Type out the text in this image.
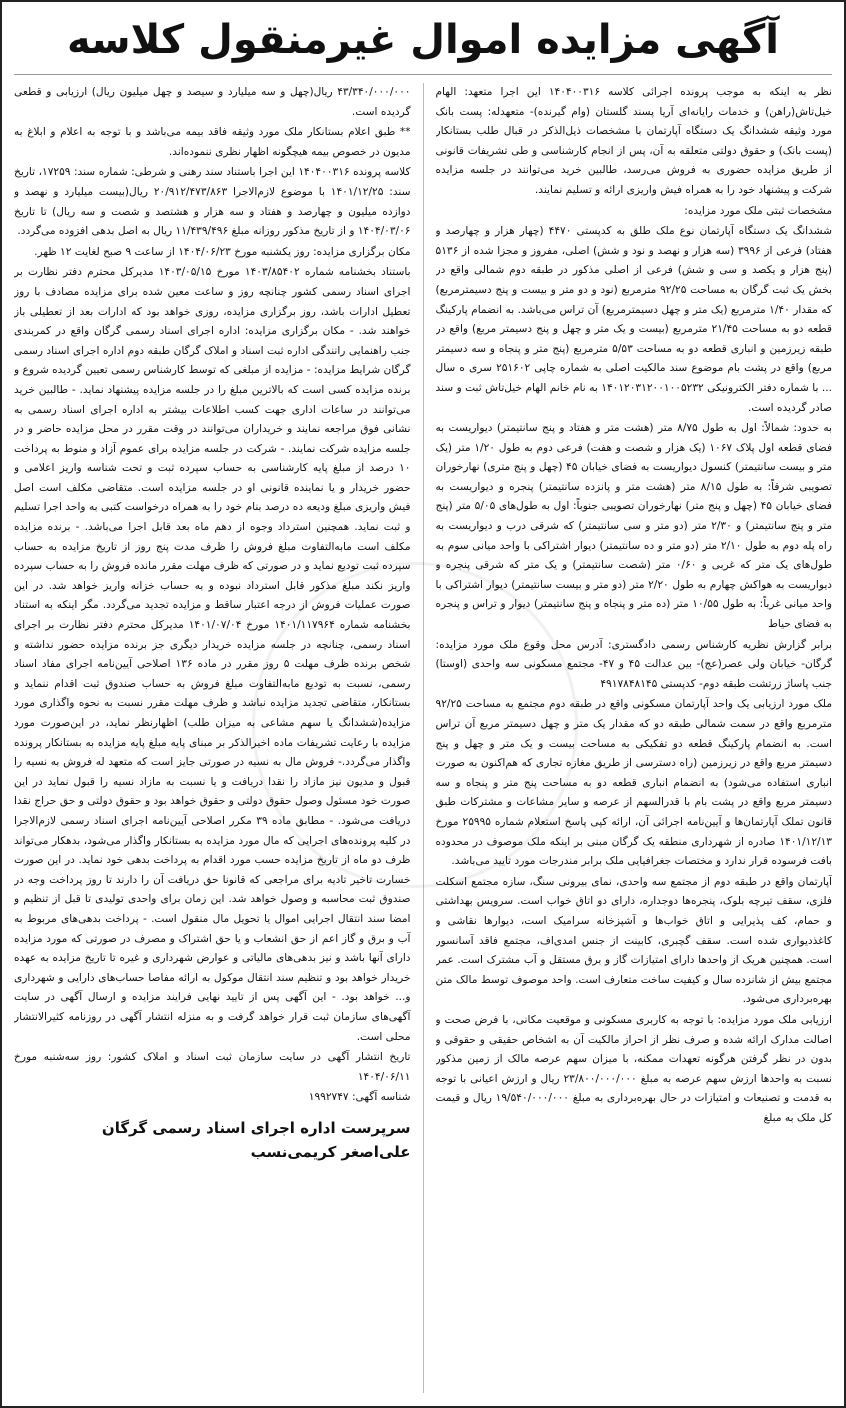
آگهی مزایده اموال غیرمنقول کلاسه

نظر به اینکه به موجب پرونده اجرائی کلاسه ۱۴۰۴۰۰۳۱۶ این اجرا متعهد: الهام خیل‌تاش(راهن) و خدمات رایانه‌ای آریا پسند گلستان (وام گیرنده)- متعهدله: پست بانک مورد وثیقه ششدانگ یک دستگاه آپارتمان با مشخصات ذیل‌الذکر در قبال طلب بستانکار (پست بانک) و حقوق دولتی متعلقه به آن، پس از انجام کارشناسی و طی تشریفات قانونی از طریق مزایده حضوری به فروش می‌رسد، طالبین خرید می‌توانند در جلسه مزایده شرکت و پیشنهاد خود را به همراه فیش واریزی ارائه و تسلیم نمایند.

مشخصات ثبتی ملک مورد مزایده:

ششدانگ یک دستگاه آپارتمان نوع ملک طلق به کدپستی ۴۴۷۰ (چهار هزار و چهارصد و هفتاد) فرعی از ۳۹۹۶ (سه هزار و نهصد و نود و شش) اصلی، مفروز و مجزا شده از ۵۱۳۶ (پنج هزار و یکصد و سی و شش) فرعی از اصلی مذکور در طبقه دوم شمالی واقع در بخش یک ثبت گرگان به مساحت ۹۲/۲۵ مترمربع (نود و دو متر و بیست و پنج دسیمترمربع) که مقدار ۱/۴۰ مترمربع (یک متر و چهل دسیمترمربع) آن تراس می‌باشد. به انضمام پارکینگ قطعه دو به مساحت ۲۱/۴۵ مترمربع (بیست و یک متر و چهل و پنج دسیمتر مربع) واقع در طبقه زیرزمین و انباری قطعه دو به مساحت ۵/۵۳ مترمربع (پنج متر و پنجاه و سه دسیمتر مربع) واقع در پشت بام موضوع سند مالکیت اصلی به شماره چاپی ۲۵۱۶۰۲ سری ه سال ... با شماره دفتر الکترونیکی ۱۴۰۱۲۰۳۱۲۰۰۱۰۰۵۲۳۲ به نام خانم الهام خیل‌تاش ثبت و سند صادر گردیده است.

به حدود: شمالاً: اول به طول ۸/۷۵ متر (هشت متر و هفتاد و پنج سانتیمتر) دیواریست به فضای قطعه اول پلاک ۱۰۶۷ (یک هزار و شصت و هفت) فرعی دوم به طول ۱/۲۰ متر (یک متر و بیست سانتیمتر) کنسول دیواریست به فضای خیابان ۴۵ (چهل و پنج متری) نهارخوران تصویبی شرقاً: به طول ۸/۱۵ متر (هشت متر و پانزده سانتیمتر) پنجره و دیواریست به فضای خیابان ۴۵ (چهل و پنج متر) نهارخوران تصویبی جنوباً: اول به طول‌های ۵/۰۵ متر (پنج متر و پنج سانتیمتر) و ۲/۳۰ متر (دو متر و سی سانتیمتر) که شرقی درب و دیواریست به راه پله دوم به طول ۲/۱۰ متر (دو متر و ده سانتیمتر) دیوار اشتراکی با واحد میانی سوم به طول‌های یک متر که غربی و ۰/۶۰ متر (شصت سانتیمتر) و یک متر که شرقی پنجره و دیواریست به هواکش چهارم به طول ۲/۲۰ متر (دو متر و بیست سانتیمتر) دیوار اشتراکی با واحد میانی غرباً: به طول ۱۰/۵۵ متر (ده متر و پنجاه و پنج سانتیمتر) دیوار و تراس و پنجره به فضای حیاط

برابر گزارش نظریه کارشناس رسمی دادگستری: آدرس محل وقوع ملک مورد مزایده: گرگان- خیابان ولی عصر(عج)- بین عدالت ۴۵ و ۴۷- مجتمع مسکونی سه واحدی (اوستا) جنب پاساژ زرتشت طبقه دوم- کدپستی ۴۹۱۷۸۴۸۱۴۵

ملک مورد ارزیابی یک واحد آپارتمان مسکونی واقع در طبقه دوم مجتمع به مساحت ۹۲/۲۵ مترمربع واقع در سمت شمالی طبقه دو که مقدار یک متر و چهل دسیمتر مربع آن تراس است. به انضمام پارکینگ قطعه دو تفکیکی به مساحت بیست و یک متر و چهل و پنج دسیمتر مربع واقع در زیرزمین (راه دسترسی از طریق مغازه تجاری که هم‌اکنون به صورت انباری استفاده می‌شود) به انضمام انباری قطعه دو به مساحت پنج متر و پنجاه و سه دسیمتر مربع واقع در پشت بام با قدرالسهم از عرصه و سایر مشاعات و مشترکات طبق قانون تملک آپارتمان‌ها و آیین‌نامه اجرائی آن، ارائه کپی پاسخ استعلام شماره ۲۵۹۹۵ مورخ ۱۴۰۱/۱۲/۱۳ صادره از شهرداری منطقه یک گرگان مبنی بر اینکه ملک موصوف در محدوده بافت فرسوده قرار ندارد و مختصات جغرافیایی ملک برابر مندرجات مورد تایید می‌باشد.

آپارتمان واقع در طبقه دوم از مجتمع سه واحدی، نمای بیرونی سنگ، سازه مجتمع اسکلت فلزی، سقف تیرچه بلوک، پنجره‌ها دوجداره، دارای دو اتاق خواب است. سرویس بهداشتی و حمام، کف پذیرایی و اتاق خواب‌ها و آشپزخانه سرامیک است، دیوارها نقاشی و کاغذدیواری شده است. سقف گچبری، کابینت از جنس امدی‌اف، مجتمع فاقد آسانسور است. همچنین هریک از واحدها دارای امتیازات گاز و برق مستقل و آب مشترک است. عمر مجتمع بیش از شانزده سال و کیفیت ساخت متعارف است. واحد موصوف توسط مالک متن بهره‌برداری می‌شود.

ارزیابی ملک مورد مزایده: با توجه به کاربری مسکونی و موقعیت مکانی، با فرض صحت و اصالت مدارک ارائه شده و صرف نظر از احراز مالکیت آن به اشخاص حقیقی و حقوقی و بدون در نظر گرفتن هرگونه تعهدات ممکنه، با میزان سهم عرصه مالک از زمین مذکور نسبت به واحدها ارزش سهم عرصه به مبلغ ۲۳/۸۰۰/۰۰۰/۰۰۰ ریال و ارزش اعیانی با توجه به قدمت و تصنیعات و امتیازات در حال بهره‌برداری به مبلغ ۱۹/۵۴۰/۰۰۰/۰۰۰ ریال و قیمت کل ملک به مبلغ

۴۳/۳۴۰/۰۰۰/۰۰۰ ریال(چهل و سه میلیارد و سیصد و چهل میلیون ریال) ارزیابی و قطعی گردیده است.

** طبق اعلام بستانکار ملک مورد وثیقه فاقد بیمه می‌باشد و با توجه به اعلام و ابلاغ به مدیون در خصوص بیمه هیچگونه اظهار نظری ننموده‌اند.

کلاسه پرونده ۱۴۰۴۰۰۳۱۶ این اجرا باستناد سند رهنی و شرطی: شماره سند: ۱۷۲۵۹، تاریخ سند: ۱۴۰۱/۱۲/۲۵ با موضوع لازم‌الاجرا ۲۰/۹۱۲/۴۷۳/۸۶۳ ریال(بیست میلیارد و نهصد و دوازده میلیون و چهارصد و هفتاد و سه هزار و هشتصد و شصت و سه ریال) تا تاریخ ۱۴۰۴/۰۳/۰۶ و از تاریخ مذکور روزانه مبلغ ۱۱/۴۳۹/۴۹۶ ریال به اصل بدهی افزوده می‌گردد.

مکان برگزاری مزایده: روز یکشنبه مورخ ۱۴۰۴/۰۶/۲۳ از ساعت ۹ صبح لغایت ۱۲ ظهر.

باستناد بخشنامه شماره ۱۴۰۳/۸۵۴۰۲ مورخ ۱۴۰۳/۰۵/۱۵ مدیرکل محترم دفتر نظارت بر اجرای اسناد رسمی کشور چنانچه روز و ساعت معین شده برای مزایده مصادف با روز تعطیل ادارات باشد، روز برگزاری مزایده، روزی خواهد بود که ادارات بعد از تعطیلی باز خواهند شد. - مکان برگزاری مزایده: اداره اجرای اسناد رسمی گرگان واقع در کمربندی جنب راهنمایی رانندگی اداره ثبت اسناد و املاک گرگان طبقه دوم اداره اجرای اسناد رسمی گرگان شرایط مزایده: - مزایده از مبلغی که توسط کارشناس رسمی تعیین گردیده شروع و برنده مزایده کسی است که بالاترین مبلغ را در جلسه مزایده پیشنهاد نماید. - طالبین خرید می‌توانند در ساعات اداری جهت کسب اطلاعات بیشتر به اداره اجرای اسناد رسمی به نشانی فوق مراجعه نمایند و خریداران می‌توانند در وقت مقرر در محل مزایده حاضر و در جلسه مزایده شرکت نمایند. - شرکت در جلسه مزایده برای عموم آزاد و منوط به پرداخت ۱۰ درصد از مبلغ پایه کارشناسی به حساب سپرده ثبت و تحت شناسه واریز اعلامی و حضور خریدار و یا نماینده قانونی او در جلسه مزایده است. متقاضی مکلف است اصل فیش واریزی مبلغ ودیعه ده درصد بنام خود را به همراه درخواست کتبی به واحد اجرا تسلیم و ثبت نماید. همچنین استرداد وجوه از دهم ماه بعد قابل اجرا می‌باشد. - برنده مزایده مکلف است مابه‌التفاوت مبلغ فروش را ظرف مدت پنج روز از تاریخ مزایده به حساب سپرده ثبت تودیع نماید و در صورتی که ظرف مهلت مقرر مانده فروش را به حساب سپرده واریز نکند مبلغ مذکور قابل استرداد نبوده و به حساب خزانه واریز خواهد شد. در این صورت عملیات فروش از درجه اعتبار ساقط و مزایده تجدید می‌گردد. مگر اینکه به استناد بخشنامه شماره ۱۴۰۱/۱۱۷۹۶۴ مورخ ۱۴۰۱/۰۷/۰۴ مدیرکل محترم دفتر نظارت بر اجرای اسناد رسمی، چنانچه در جلسه مزایده خریدار دیگری جز برنده مزایده حضور نداشته و شخص برنده ظرف مهلت ۵ روز مقرر در ماده ۱۳۶ اصلاحی آیین‌نامه اجرای مفاد اسناد رسمی، نسبت به تودیع مابه‌التفاوت مبلغ فروش به حساب صندوق ثبت اقدام ننماید و بستانکار، متقاضی تجدید مزایده نباشد و ظرف مهلت مقرر نسبت به نحوه واگذاری مورد مزایده(ششدانگ یا سهم مشاعی به میزان طلب) اظهارنظر نماید، در این‌صورت مورد مزایده با رعایت تشریفات ماده اخیرالذکر بر مبنای پایه مبلغ پایه مزایده به بستانکار پرونده واگذار می‌گردد.- فروش مال به نسیه در صورتی جایز است که متعهد له فروش به نسیه را قبول و مدیون نیز مازاد را نقدا دریافت و یا نسبت به مازاد نسیه را قبول نماید در این صورت خود مسئول وصول حقوق دولتی و حقوق خواهد بود و حقوق دولتی و حق حراج نقدا دریافت می‌شود. - مطابق ماده ۳۹ مکرر اصلاحی آیین‌نامه اجرای اسناد رسمی لازم‌الاجرا در کلیه پرونده‌های اجرایی که مال مورد مزایده به بستانکار واگذار می‌شود، بدهکار می‌تواند ظرف دو ماه از تاریخ مزایده حسب مورد اقدام به پرداخت بدهی خود نماید. در این صورت خسارت تاخیر تادیه برای مراجعی که قانونا حق دریافت آن را دارند تا روز پرداخت وجه در صندوق ثبت محاسبه و وصول خواهد شد. این زمان برای واحدی تولیدی تا قبل از تنظیم و امضا سند انتقال اجرایی اموال یا تحویل مال منقول است. - پرداخت بدهی‌های مربوط به آب و برق و گاز اعم از حق انشعاب و یا حق اشتراک و مصرف در صورتی که مورد مزایده دارای آنها باشد و نیز بدهی‌های مالیاتی و عوارض شهرداری و غیره تا تاریخ مزایده به عهده خریدار خواهد بود و تنظیم سند انتقال موکول به ارائه مفاصا حساب‌های دارایی و شهرداری و... خواهد بود. - این آگهی پس از تایید نهایی فرایند مزایده و ارسال آگهی در سایت آگهی‌های سازمان ثبت قرار خواهد گرفت و به منزله انتشار آگهی در روزنامه کثیرالانتشار محلی است.

تاریخ انتشار آگهی در سایت سازمان ثبت اسناد و املاک کشور: روز سه‌شنبه مورخ ۱۴۰۴/۰۶/۱۱

شناسه آگهی: ۱۹۹۲۷۴۷

سرپرست اداره اجرای اسناد رسمی گرگان
علی‌اصغر کریمی‌نسب
